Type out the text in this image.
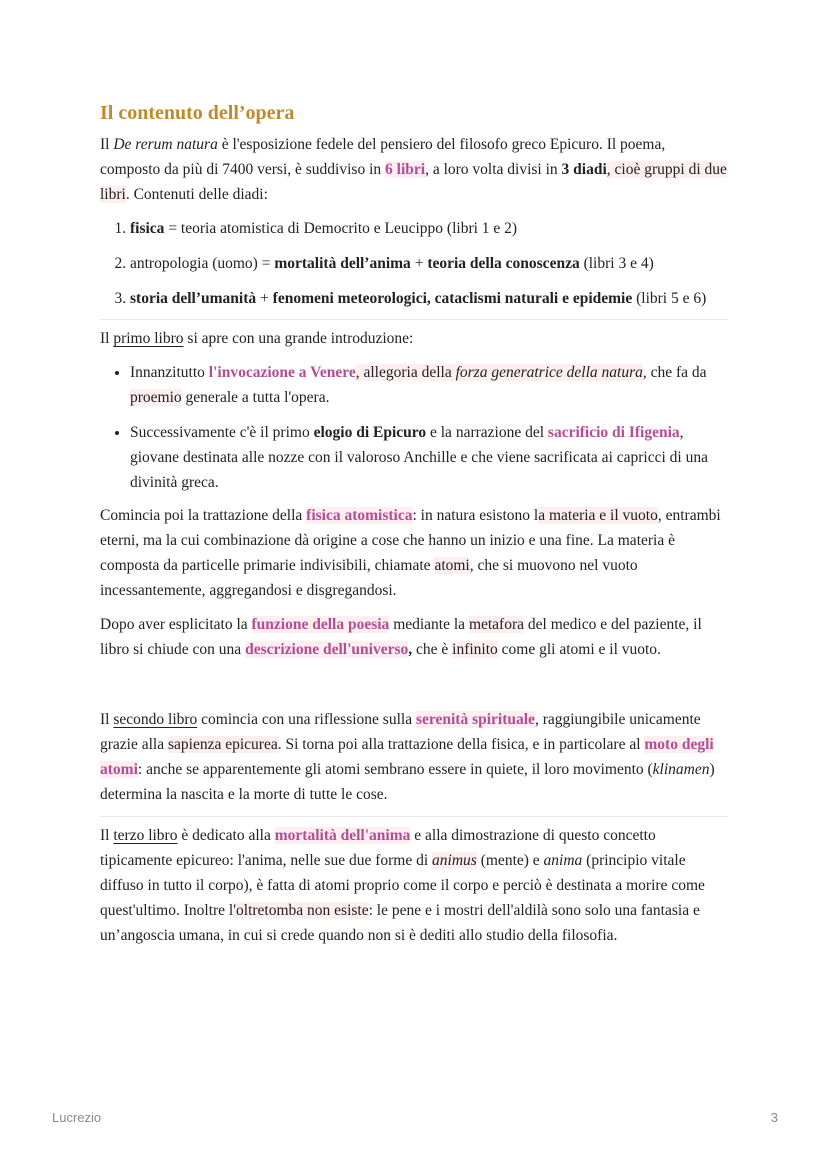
Il contenuto dell’opera

Il De rerum natura è l'esposizione fedele del pensiero del filosofo greco Epicuro. Il poema, composto da più di 7400 versi, è suddiviso in 6 libri, a loro volta divisi in 3 diadi, cioè gruppi di due libri. Contenuti delle diadi:

1. fisica = teoria atomistica di Democrito e Leucippo (libri 1 e 2)
2. antropologia (uomo) = mortalità dell’anima + teoria della conoscenza (libri 3 e 4)
3. storia dell’umanità + fenomeni meteorologici, cataclismi naturali e epidemie (libri 5 e 6)

Il primo libro si apre con una grande introduzione:

• Innanzitutto l'invocazione a Venere, allegoria della forza generatrice della natura, che fa da proemio generale a tutta l'opera.
• Successivamente c'è il primo elogio di Epicuro e la narrazione del sacrificio di Ifigenia, giovane destinata alle nozze con il valoroso Anchille e che viene sacrificata ai capricci di una divinità greca.

Comincia poi la trattazione della fisica atomistica: in natura esistono la materia e il vuoto, entrambi eterni, ma la cui combinazione dà origine a cose che hanno un inizio e una fine. La materia è composta da particelle primarie indivisibili, chiamate atomi, che si muovono nel vuoto incessantemente, aggregandosi e disgregandosi.

Dopo aver esplicitato la funzione della poesia mediante la metafora del medico e del paziente, il libro si chiude con una descrizione dell'universo, che è infinito come gli atomi e il vuoto.

Il secondo libro comincia con una riflessione sulla serenità spirituale, raggiungibile unicamente grazie alla sapienza epicurea. Si torna poi alla trattazione della fisica, e in particolare al moto degli atomi: anche se apparentemente gli atomi sembrano essere in quiete, il loro movimento (klinamen) determina la nascita e la morte di tutte le cose.

Il terzo libro è dedicato alla mortalità dell'anima e alla dimostrazione di questo concetto tipicamente epicureo: l'anima, nelle sue due forme di animus (mente) e anima (principio vitale diffuso in tutto il corpo), è fatta di atomi proprio come il corpo e perciò è destinata a morire come quest'ultimo. Inoltre l'oltretomba non esiste: le pene e i mostri dell'aldilà sono solo una fantasia e un’angoscia umana, in cui si crede quando non si è dediti allo studio della filosofia.

Lucrezio	3
